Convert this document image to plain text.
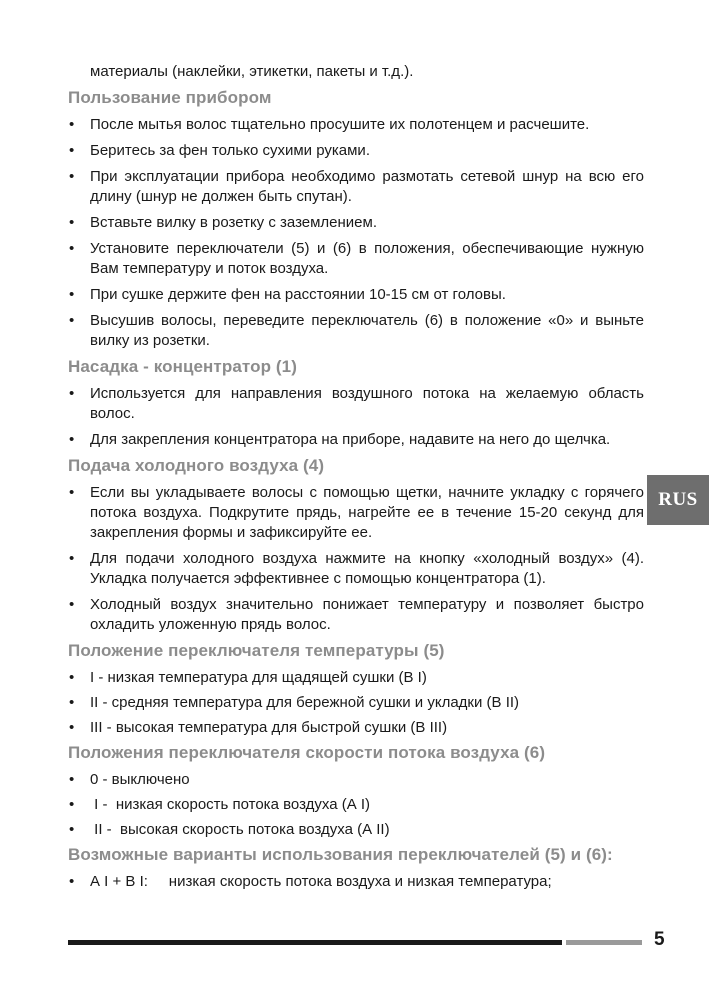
материалы (наклейки, этикетки, пакеты и т.д.).

Пользование прибором
• После мытья волос тщательно просушите их полотенцем и расчешите.
• Беритесь за фен только сухими руками.
• При эксплуатации прибора необходимо размотать сетевой шнур на всю его длину (шнур не должен быть спутан).
• Вставьте вилку в розетку с заземлением.
• Установите переключатели (5) и (6) в положения, обеспечивающие нужную Вам температуру и поток воздуха.
• При сушке держите фен на расстоянии 10-15 см от головы.
• Высушив волосы, переведите переключатель (6) в положение «0» и выньте вилку из розетки.
Насадка - концентратор (1)
• Используется для направления воздушного потока на желаемую область волос.
• Для закрепления концентратора на приборе, надавите на него до щелчка.
Подача холодного воздуха (4)
• Если вы укладываете волосы с помощью щетки, начните укладку с горячего потока воздуха. Подкрутите прядь, нагрейте ее в течение 15-20 секунд для закрепления формы и зафиксируйте ее.
• Для подачи холодного воздуха нажмите на кнопку «холодный воздух» (4). Укладка получается эффективнее с помощью концентратора (1).
• Холодный воздух значительно понижает температуру и позволяет быстро охладить уложенную прядь волос.
Положение переключателя температуры (5)
• I - низкая температура для щадящей сушки (В I)
• II - средняя температура для бережной сушки и укладки (В II)
• III - высокая температура для быстрой сушки (В III)
Положения переключателя скорости потока воздуха (6)
• 0 - выключено
• I -  низкая скорость потока воздуха (А I)
• II -  высокая скорость потока воздуха (А II)
Возможные варианты использования переключателей (5) и (6):
• А I + В I:     низкая скорость потока воздуха и низкая температура;
RUS
5
